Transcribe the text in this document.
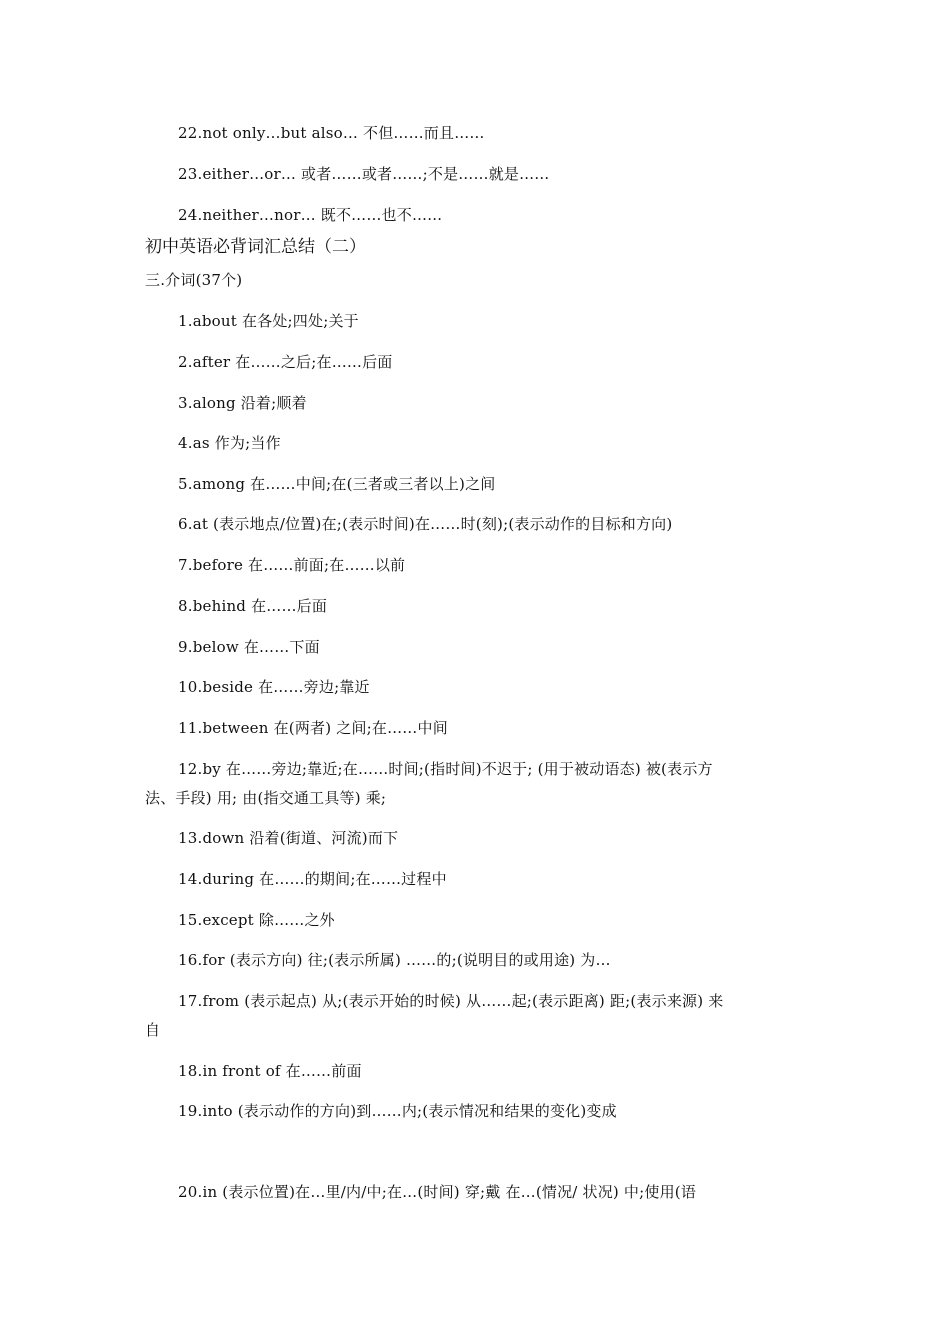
22.not only…but also… 不但……而且……
23.either…or… 或者……或者……;不是……就是……
24.neither…nor… 既不……也不……
初中英语必背词汇总结（二）
三.介词(37个)
1.about 在各处;四处;关于
2.after 在……之后;在……后面
3.along 沿着;顺着
4.as 作为;当作
5.among 在……中间;在(三者或三者以上)之间
6.at (表示地点/位置)在;(表示时间)在……时(刻);(表示动作的目标和方向)
7.before 在……前面;在……以前
8.behind 在……后面
9.below 在……下面
10.beside 在……旁边;靠近
11.between 在(两者) 之间;在……中间
12.by 在……旁边;靠近;在……时间;(指时间)不迟于; (用于被动语态) 被(表示方
法、手段) 用; 由(指交通工具等) 乘;
13.down 沿着(街道、河流)而下
14.during 在……的期间;在……过程中
15.except 除……之外
16.for (表示方向) 往;(表示所属) ……的;(说明目的或用途) 为…
17.from (表示起点) 从;(表示开始的时候) 从……起;(表示距离) 距;(表示来源) 来
自
18.in front of 在……前面
19.into (表示动作的方向)到……内;(表示情况和结果的变化)变成
20.in (表示位置)在…里/内/中;在…(时间) 穿;戴 在…(情况/ 状况) 中;使用(语
